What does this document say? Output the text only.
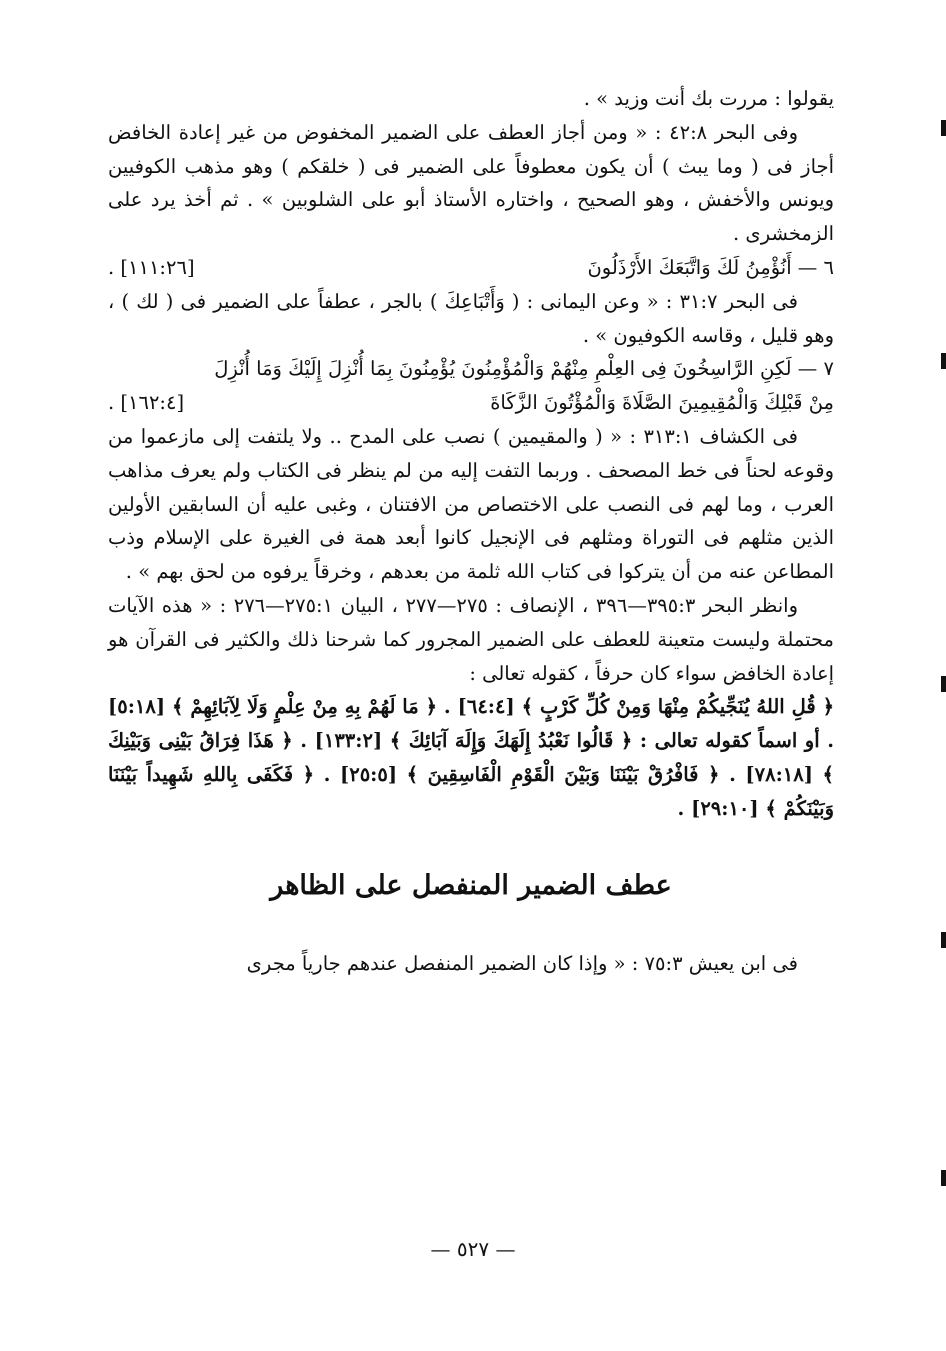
يقولوا : مررت بك أنت وزيد » .

وفى البحر ٤٢:٨ : « ومن أجاز العطف على الضمير المخفوض من غير إعادة الخافض أجاز فى ( وما يبث ) أن يكون معطوفاً على الضمير فى ( خلقكم ) وهو مذهب الكوفيين ويونس والأخفش ، وهو الصحيح ، واختاره الأستاذ أبو على الشلوبين » . ثم أخذ يرد على الزمخشرى .

٦ — أَنُؤْمِنُ لَكَ وَاتَّبَعَكَ الأَرْذَلُونَ
[١١١:٢٦] .

فى البحر ٣١:٧ : « وعن اليمانى : ( وَأَتْبَاعِكَ ) بالجر ، عطفاً على الضمير فى ( لك ) ، وهو قليل ، وقاسه الكوفيون » .

٧ — لَكِنِ الرَّاسِخُونَ فِى العِلْمِ مِنْهُمْ وَالْمُؤْمِنُونَ يُؤْمِنُونَ بِمَا أُنْزِلَ إِلَيْكَ وَمَا أُنْزِلَ

مِنْ قَبْلِكَ وَالْمُقِيمِينَ الصَّلَاةَ وَالْمُؤْتُونَ الزَّكَاةَ
[١٦٢:٤] .

فى الكشاف ٣١٣:١ : « ( والمقيمين ) نصب على المدح .. ولا يلتفت إلى مازعموا من وقوعه لحناً فى خط المصحف . وربما التفت إليه من لم ينظر فى الكتاب ولم يعرف مذاهب العرب ، وما لهم فى النصب على الاختصاص من الافتنان ، وغبى عليه أن السابقين الأولين الذين مثلهم فى التوراة ومثلهم فى الإنجيل كانوا أبعد همة فى الغيرة على الإسلام وذب المطاعن عنه من أن يتركوا فى كتاب الله ثلمة من بعدهم ، وخرقاً يرفوه من لحق بهم » .

وانظر البحر ٣٩٥:٣—٣٩٦ ، الإنصاف : ٢٧٥—٢٧٧ ، البيان ٢٧٥:١—٢٧٦ : « هذه الآيات محتملة وليست متعينة للعطف على الضمير المجرور كما شرحنا ذلك والكثير فى القرآن هو إعادة الخافض سواء كان حرفاً ، كقوله تعالى :

﴿ قُلِ اللهُ يُنَجِّيكُمْ مِنْهَا وَمِنْ كُلِّ كَرْبٍ ﴾ [٦٤:٤] . ﴿ مَا لَهُمْ بِهِ مِنْ عِلْمٍ وَلَا لِآبَائِهِمْ ﴾ [٥:١٨] . أو اسماً كقوله تعالى : ﴿ قَالُوا نَعْبُدُ إِلَهَكَ وَإِلَهَ آبَائِكَ ﴾ [١٣٣:٢] . ﴿ هَذَا فِرَاقُ بَيْنِى وَبَيْنِكَ ﴾ [٧٨:١٨] . ﴿ فَافْرُقْ بَيْنَنَا وَبَيْنَ الْقَوْمِ الْفَاسِقِينَ ﴾ [٢٥:٥] . ﴿ فَكَفَى بِاللهِ شَهِيداً بَيْنَنَا وَبَيْنَكُمْ ﴾ [٢٩:١٠] .

عطف الضمير المنفصل على الظاهر

فى ابن يعيش ٧٥:٣ : « وإذا كان الضمير المنفصل عندهم جارياً مجرى

— ٥٢٧ —
